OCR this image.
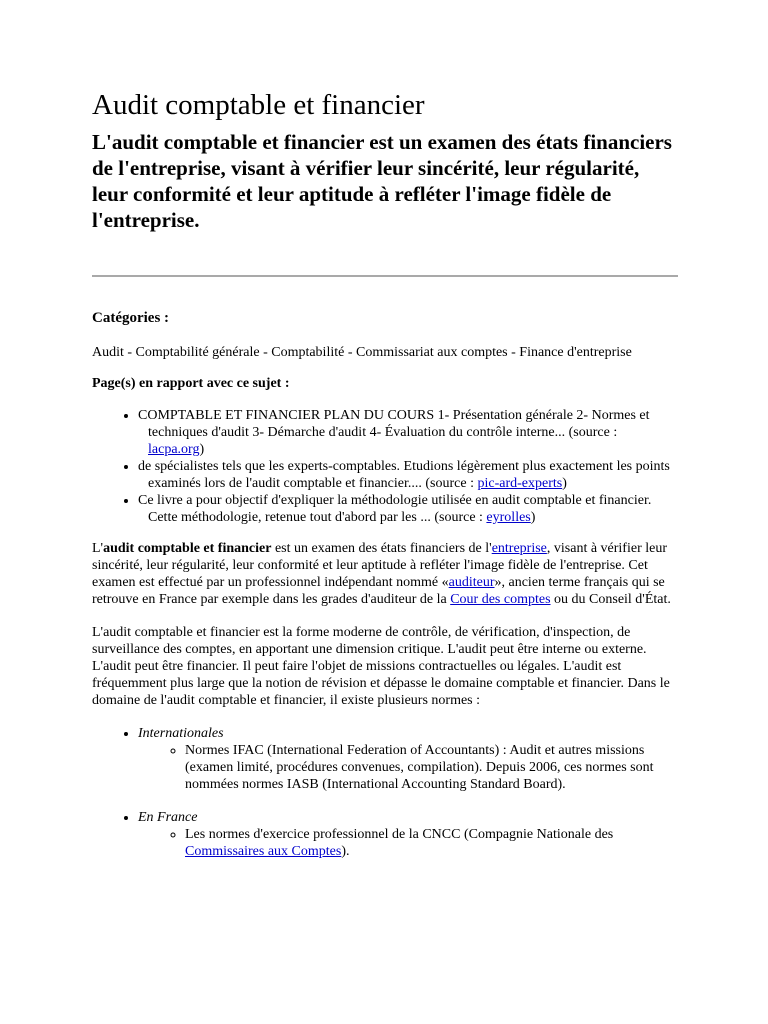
Audit comptable et financier

L'audit comptable et financier est un examen des états financiers de l'entreprise, visant à vérifier leur sincérité, leur régularité, leur conformité et leur aptitude à refléter l'image fidèle de l'entreprise.

Catégories :

Audit - Comptabilité générale - Comptabilité - Commissariat aux comptes - Finance d'entreprise

Page(s) en rapport avec ce sujet :

• COMPTABLE ET FINANCIER PLAN DU COURS 1- Présentation générale 2- Normes et techniques d'audit 3- Démarche d'audit 4- Évaluation du contrôle interne... (source : lacpa.org)
• de spécialistes tels que les experts-comptables. Etudions légèrement plus exactement les points examinés lors de l'audit comptable et financier.... (source : pic-ard-experts)
• Ce livre a pour objectif d'expliquer la méthodologie utilisée en audit comptable et financier. Cette méthodologie, retenue tout d'abord par les ... (source : eyrolles)

L'audit comptable et financier est un examen des états financiers de l'entreprise, visant à vérifier leur sincérité, leur régularité, leur conformité et leur aptitude à refléter l'image fidèle de l'entreprise. Cet examen est effectué par un professionnel indépendant nommé «auditeur», ancien terme français qui se retrouve en France par exemple dans les grades d'auditeur de la Cour des comptes ou du Conseil d'État.

L'audit comptable et financier est la forme moderne de contrôle, de vérification, d'inspection, de surveillance des comptes, en apportant une dimension critique. L'audit peut être interne ou externe. L'audit peut être financier. Il peut faire l'objet de missions contractuelles ou légales. L'audit est fréquemment plus large que la notion de révision et dépasse le domaine comptable et financier. Dans le domaine de l'audit comptable et financier, il existe plusieurs normes :

• Internationales
◦ Normes IFAC (International Federation of Accountants) : Audit et autres missions (examen limité, procédures convenues, compilation). Depuis 2006, ces normes sont nommées normes IASB (International Accounting Standard Board).
• En France
◦ Les normes d'exercice professionnel de la CNCC (Compagnie Nationale des Commissaires aux Comptes).
